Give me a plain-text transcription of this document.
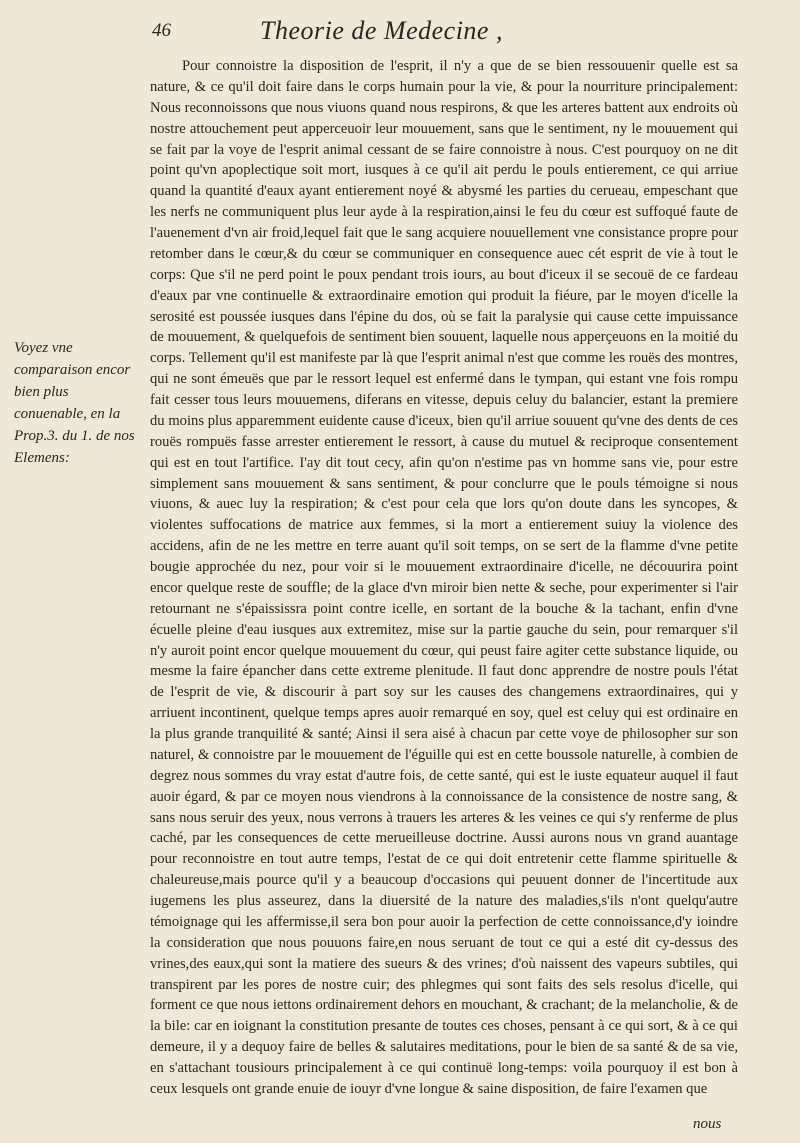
46	Theorie de Medecine ,
Voyez vne comparaison encor bien plus conuenable, en la Prop.3. du 1. de nos Elemens:

Pour connoistre la disposition de l'esprit, il n'y a que de se bien ressouuenir quelle est sa nature, & ce qu'il doit faire dans le corps humain pour la vie, & pour la nourriture principalement: Nous reconnoissons que nous viuons quand nous respirons, & que les arteres battent aux endroits où nostre attouchement peut apperceuoir leur mouuement, sans que le sentiment, ny le mouuement qui se fait par la voye de l'esprit animal cessant de se faire connoistre à nous. C'est pourquoy on ne dit point qu'vn apoplectique soit mort, iusques à ce qu'il ait perdu le pouls entierement, ce qui arriue quand la quantité d'eaux ayant entierement noyé & abysmé les parties du cerueau, empeschant que les nerfs ne communiquent plus leur ayde à la respiration,ainsi le feu du cœur est suffoqué faute de l'auenement d'vn air froid,lequel fait que le sang acquiere nouuellement vne consistance propre pour retomber dans le cœur,& du cœur se communiquer en consequence auec cét esprit de vie à tout le corps: Que s'il ne perd point le poux pendant trois iours, au bout d'iceux il se secouë de ce fardeau d'eaux par vne continuelle & extraordinaire emotion qui produit la fiéure, par le moyen d'icelle la serosité est poussée iusques dans l'épine du dos, où se fait la paralysie qui cause cette impuissance de mouuement, & quelquefois de sentiment bien souuent, laquelle nous apperçeuons en la moitié du corps. Tellement qu'il est manifeste par là que l'esprit animal n'est que comme les rouës des montres, qui ne sont émeuës que par le ressort lequel est enfermé dans le tympan, qui estant vne fois rompu fait cesser tous leurs mouuemens, diferans en vitesse, depuis celuy du balancier, estant la premiere du moins plus apparemment euidente cause d'iceux, bien qu'il arriue souuent qu'vne des dents de ces rouës rompuës fasse arrester entierement le ressort, à cause du mutuel & reciproque consentement qui est en tout l'artifice. I'ay dit tout cecy, afin qu'on n'estime pas vn homme sans vie, pour estre simplement sans mouuement & sans sentiment, & pour conclurre que le pouls témoigne si nous viuons, & auec luy la respiration; & c'est pour cela que lors qu'on doute dans les syncopes, & violentes suffocations de matrice aux femmes, si la mort a entierement suiuy la violence des accidens, afin de ne les mettre en terre auant qu'il soit temps, on se sert de la flamme d'vne petite bougie approchée du nez, pour voir si le mouuement extraordinaire d'icelle, ne découurira point encor quelque reste de souffle; de la glace d'vn miroir bien nette & seche, pour experimenter si l'air retournant ne s'épaississra point contre icelle, en sortant de la bouche & la tachant, enfin d'vne écuelle pleine d'eau iusques aux extremitez, mise sur la partie gauche du sein, pour remarquer s'il n'y auroit point encor quelque mouuement du cœur, qui peust faire agiter cette substance liquide, ou mesme la faire épancher dans cette extreme plenitude. Il faut donc apprendre de nostre pouls l'état de l'esprit de vie, & discourir à part soy sur les causes des changemens extraordinaires, qui y arriuent incontinent, quelque temps apres auoir remarqué en soy, quel est celuy qui est ordinaire en la plus grande tranquilité & santé; Ainsi il sera aisé à chacun par cette voye de philosopher sur son naturel, & connoistre par le mouuement de l'éguille qui est en cette boussole naturelle, à combien de degrez nous sommes du vray estat d'autre fois, de cette santé, qui est le iuste equateur auquel il faut auoir égard, & par ce moyen nous viendrons à la connoissance de la consistence de nostre sang, & sans nous seruir des yeux, nous verrons à trauers les arteres & les veines ce qui s'y renferme de plus caché, par les consequences de cette merueilleuse doctrine. Aussi aurons nous vn grand auantage pour reconnoistre en tout autre temps, l'estat de ce qui doit entretenir cette flamme spirituelle & chaleureuse,mais pource qu'il y a beaucoup d'occasions qui peuuent donner de l'incertitude aux iugemens les plus asseurez, dans la diuersité de la nature des maladies,s'ils n'ont quelqu'autre témoignage qui les affermisse,il sera bon pour auoir la perfection de cette connoissance,d'y ioindre la consideration que nous pouuons faire,en nous seruant de tout ce qui a esté dit cy-dessus des vrines,des eaux,qui sont la matiere des sueurs & des vrines; d'où naissent des vapeurs subtiles, qui transpirent par les pores de nostre cuir; des phlegmes qui sont faits des sels resolus d'icelle, qui forment ce que nous iettons ordinairement dehors en mouchant, & crachant; de la melancholie, & de la bile: car en ioignant la constitution presante de toutes ces choses, pensant à ce qui sort, & à ce qui demeure, il y a dequoy faire de belles & salutaires meditations, pour le bien de sa santé & de sa vie, en s'attachant tousiours principalement à ce qui continuë long-temps: voila pourquoy il est bon à ceux lesquels ont grande enuie de iouyr d'vne longue & saine disposition, de faire l'examen que

nous
